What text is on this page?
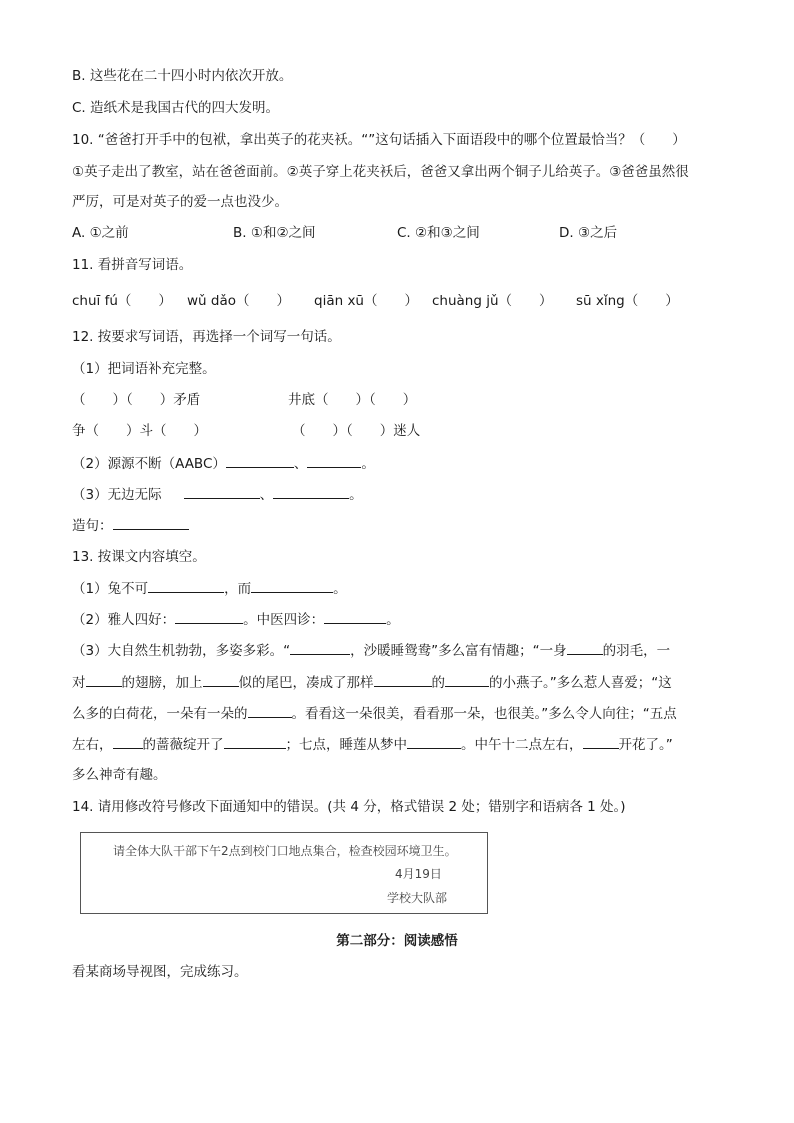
B. 这些花在二十四小时内依次开放。
C. 造纸术是我国古代的四大发明。
10. “爸爸打开手中的包袱，拿出英子的花夹袄。“”这句话插入下面语段中的哪个位置最恰当？（　　）
①英子走出了教室，站在爸爸面前。②英子穿上花夹袄后，爸爸又拿出两个铜子儿给英子。③爸爸虽然很
严厉，可是对英子的爱一点也没少。
A. ①之前	B. ①和②之间	C. ②和③之间	D. ③之后
11. 看拼音写词语。
chuī fú（　　） wǔ dǎo（　　） qiān xū（　　） chuàng jǔ（　　） sū xǐng（　　）
12. 按要求写词语，再选择一个词写一句话。
（1）把词语补充完整。
（　　）（　　）矛盾	井底（　　）（　　）
争（　　）斗（　　）	（　　）（　　）迷人
（2）源源不断（AABC）	、	。
（3）无边无际	、	。
造句：
13. 按课文内容填空。
（1）兔不可	，而	。
（2）雅人四好：	。中医四诊：	。
（3）大自然生机勃勃，多姿多彩。“	，沙暖睡鸳鸯”多么富有情趣；“一身	的羽毛，一
对	的翅膀，加上	似的尾巴，凑成了那样	的	的小燕子。”多么惹人喜爱；“这
么多的白荷花，一朵有一朵的	。看看这一朵很美，看看那一朵，也很美。”多么令人向往；“五点
左右， 的蔷薇绽开了	；七点，睡莲从梦中	。中午十二点左右，	开花了。”
多么神奇有趣。
14. 请用修改符号修改下面通知中的错误。(共 4 分，格式错误 2 处；错别字和语病各 1 处。)
请全体大队干部下午2点到校门口地点集合，检查校园环境卫生。
4月19日
学校大队部
第二部分：阅读感悟
看某商场导视图，完成练习。
